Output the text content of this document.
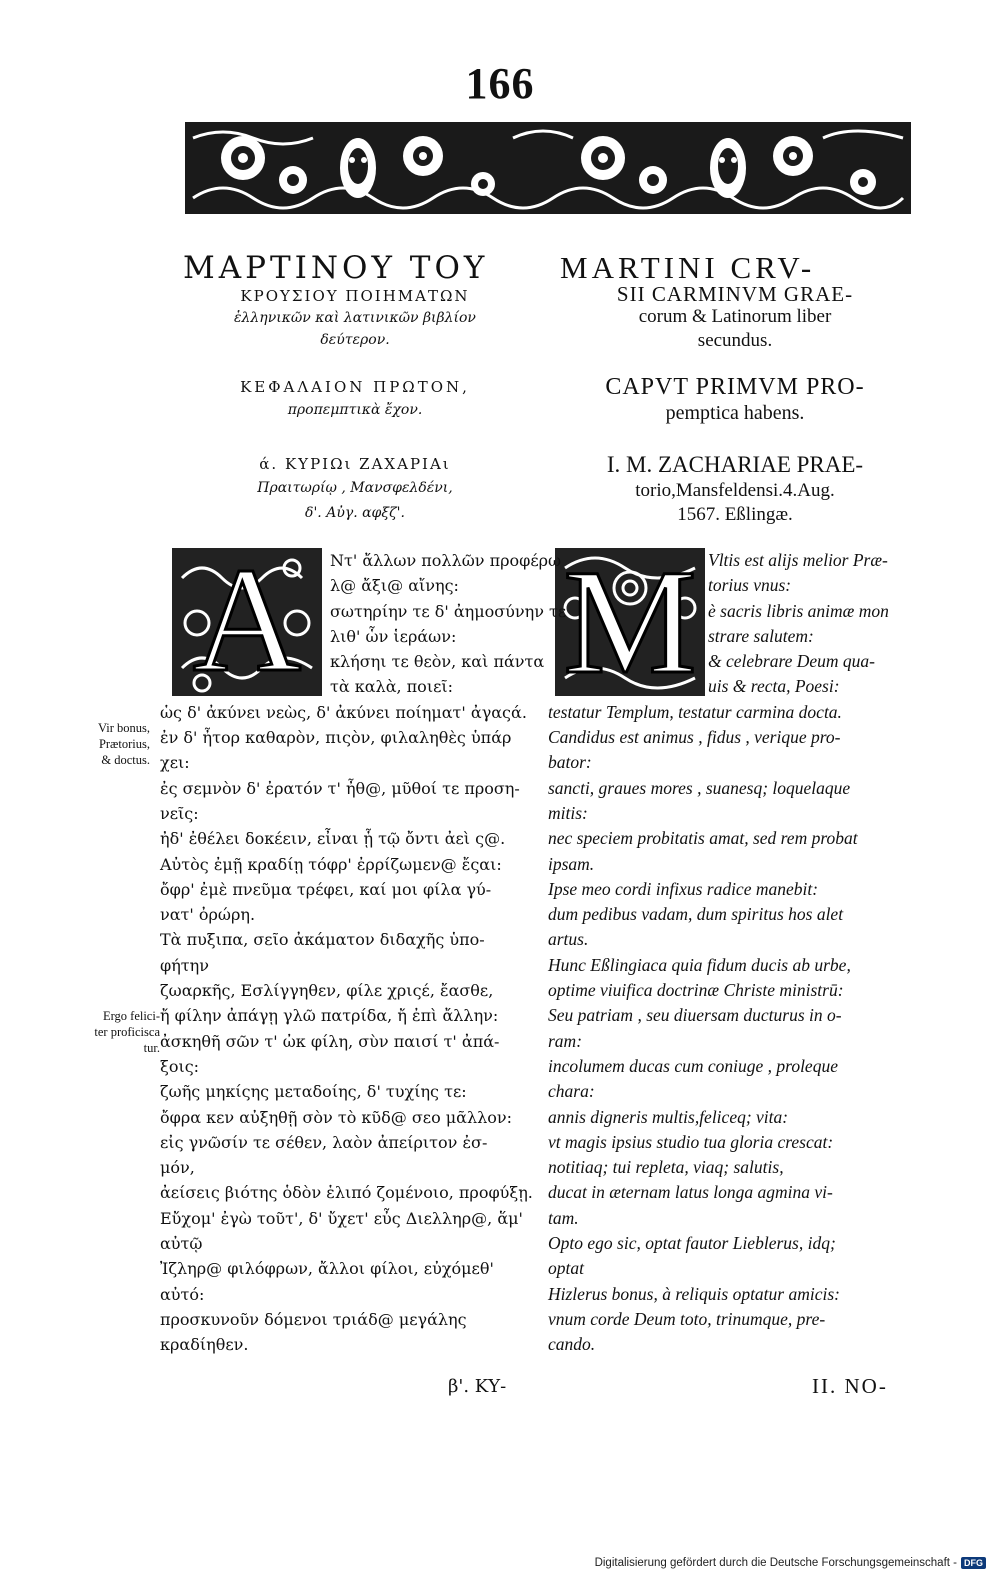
166
ΜΑΡΤΙΝΟΥ ΤΟΥ
ΚΡΟΥΣΙΟΥ ΠΟΙΗΜΑΤΩΝ
ἑλληνικῶν καὶ λατινικῶν βιβλίον
δεύτερον.
MARTINI CRV-
SII CARMINVM GRAE-
corum & Latinorum liber
secundus.
ΚΕΦΑΛΑΙΟΝ ΠΡΩΤΟΝ,
προπεμπτικὰ ἔχον.
CAPVT PRIMVM PRO-
pemptica habens.
ά. ΚΥΡΙΩι ΖΑΧΑΡΙΑι
Πραιτωρίῳ , Μανσφελδένι,
δ'. Αὐγ. αφξζ'.
I. M. ZACHARIAE PRAE-
torio,Mansfeldensi.4.Aug.
1567. Eßlingæ.
A M
Ντ' ἄλλων πολλῶν προφέρω
λ@ ἄξι@ αἴνης:
σωτηρίην τε δ' ἀημοσύνην τε
λιθ' ὧν ἱεράων:
κλήσηι τε θεὸν, καὶ πάντα
τὰ καλὰ, ποιεῖ:
ὡς δ' ἀκύνει νεὼς, δ' ἀκύνει ποίηματ' ἀγαςά.
ἐν δ' ἦτορ καθαρὸν, πιςὸν, φιλαληθὲς ὑπάρ
χει:
ἐς σεμνὸν δ' ἐρατόν τ' ἦθ@, μῦθοί τε προση-
νεῖς:
ἠδ' ἐθέλει δοκέειν, εἶναι ᾗ τῷ ὄντι ἀεὶ ς@.
Αὐτὸς ἐμῇ κραδίῃ τόφρ' ἐρρίζωμεν@ ἔςαι:
ὄφρ' ἐμὲ πνεῦμα τρέφει, καί μοι φίλα γύ-
νατ' ὀρώρη.
Τὰ πυξιπα, σεῖο ἀκάματον διδαχῆς ὑπο-
φήτην
ζωαρκῆς, Εσλίγγηθεν, φίλε χριςέ, ἔασθε,
ἤ φίλην ἀπάγῃ γλῶ πατρίδα, ἤ ἐπὶ ἄλλην:
ἀσκηθῆ σῶν τ' ὠκ φίλη, σὺν παισί τ' ἀπά-
ξοις:
ζωῆς μηκίςης μεταδοίης, δ' τυχίης τε:
ὄφρα κεν αὐξηθῇ σὸν τὸ κῦδ@ σεο μᾶλλον:
εἰς γνῶσίν τε σέθεν, λαὸν ἀπείριτον ἐσ-
μόν,
ἀείσεις βιότης ὁδὸν ἑλιπό ζομένοιο, προφύξῃ.
Εὔχομ' ἐγὼ τοῦτ', δ' ὔχετ' εὖς Διελληρ@, ἅμ'
αὐτῷ
Ἰζληρ@ φιλόφρων, ἄλλοι φίλοι, εὐχόμεθ'
αὐτό:
προσκυνοῦν δόμενοι τριάδ@ μεγάλης
κραδίηθεν.
Vltis est alijs melior Præ-
torius vnus:
è sacris libris animæ mon
strare salutem:
& celebrare Deum qua-
uis & recta, Poesi:
testatur Templum, testatur carmina docta.
Candidus est animus , fidus , verique pro-
bator:
sancti, graues mores , suanesq; loquelaque
mitis:
nec speciem probitatis amat, sed rem probat
ipsam.
Ipse meo cordi infixus radice manebit:
dum pedibus vadam, dum spiritus hos alet
artus.
Hunc Eßlingiaca quia fidum ducis ab urbe,
optime viuifica doctrinæ Christe ministrū:
Seu patriam , seu diuersam ducturus in o-
ram:
incolumem ducas cum coniuge , proleque
chara:
annis digneris multis,feliceq; vita:
vt magis ipsius studio tua gloria crescat:
notitiaq; tui repleta, viaq; salutis,
ducat in æternam latus longa agmina vi-
tam.
Opto ego sic, optat fautor Lieblerus, idq;
optat
Hizlerus bonus, à reliquis optatur amicis:
vnum corde Deum toto, trinumque, pre-
cando.
Vir bonus,
Prætorius,
& doctus.
Ergo felici-
ter proficisca
tur.
β'. ΚΥ-	II. NO-
Digitalisierung gefördert durch die Deutsche Forschungsgemeinschaft - DFG
